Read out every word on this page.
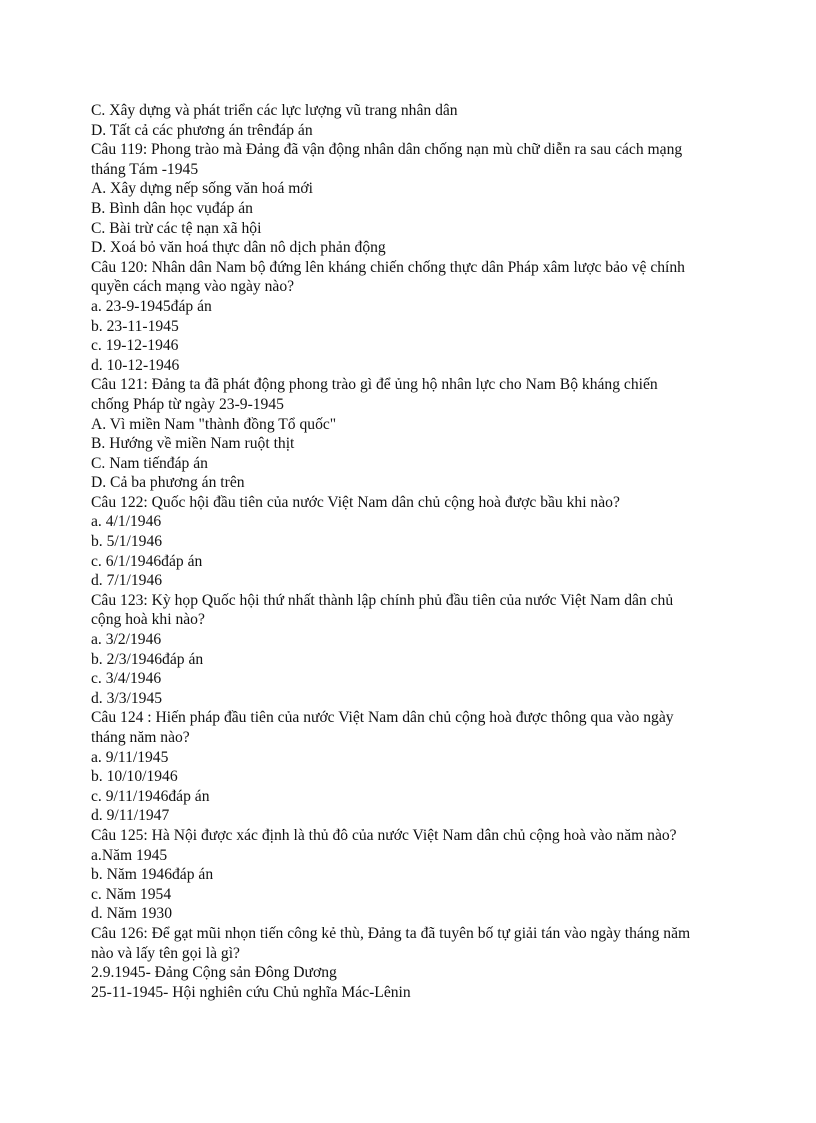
C. Xây dựng và phát triển các lực lượng vũ trang nhân dân
D. Tất cả các phương án trênđáp án
Câu 119: Phong trào mà Đảng đã vận động nhân dân chống nạn mù chữ diễn ra sau cách mạng
tháng Tám -1945
A. Xây dựng nếp sống văn hoá mới
B. Bình dân học vụđáp án
C. Bài trừ các tệ nạn xã hội
D. Xoá bỏ văn hoá thực dân nô dịch phản động
Câu 120: Nhân dân Nam bộ đứng lên kháng chiến chống thực dân Pháp xâm lược bảo vệ chính
quyền cách mạng vào ngày nào?
a. 23-9-1945đáp án
b. 23-11-1945
c. 19-12-1946
d. 10-12-1946
Câu 121: Đảng ta đã phát động phong trào gì để ủng hộ nhân lực cho Nam Bộ kháng chiến
chống Pháp từ ngày 23-9-1945
A. Vì miền Nam "thành đồng Tổ quốc"
B. Hướng về miền Nam ruột thịt
C. Nam tiếnđáp án
D. Cả ba phương án trên
Câu 122: Quốc hội đầu tiên của nước Việt Nam dân chủ cộng hoà được bầu khi nào?
a. 4/1/1946
b. 5/1/1946
c. 6/1/1946đáp án
d. 7/1/1946
Câu 123: Kỳ họp Quốc hội thứ nhất thành lập chính phủ đầu tiên của nước Việt Nam dân chủ
cộng hoà khi nào?
a. 3/2/1946
b. 2/3/1946đáp án
c. 3/4/1946
d. 3/3/1945
Câu 124 : Hiến pháp đầu tiên của nước Việt Nam dân chủ cộng hoà được thông qua vào ngày
tháng năm nào?
a. 9/11/1945
b. 10/10/1946
c. 9/11/1946đáp án
d. 9/11/1947
Câu 125: Hà Nội được xác định là thủ đô của nước Việt Nam dân chủ cộng hoà vào năm nào?
a.Năm 1945
b. Năm 1946đáp án
c. Năm 1954
d. Năm 1930
Câu 126: Để gạt mũi nhọn tiến công kẻ thù, Đảng ta đã tuyên bố tự giải tán vào ngày tháng năm
nào và lấy tên gọi là gì?
2.9.1945- Đảng Cộng sản Đông Dương
25-11-1945- Hội nghiên cứu Chủ nghĩa Mác-Lênin
